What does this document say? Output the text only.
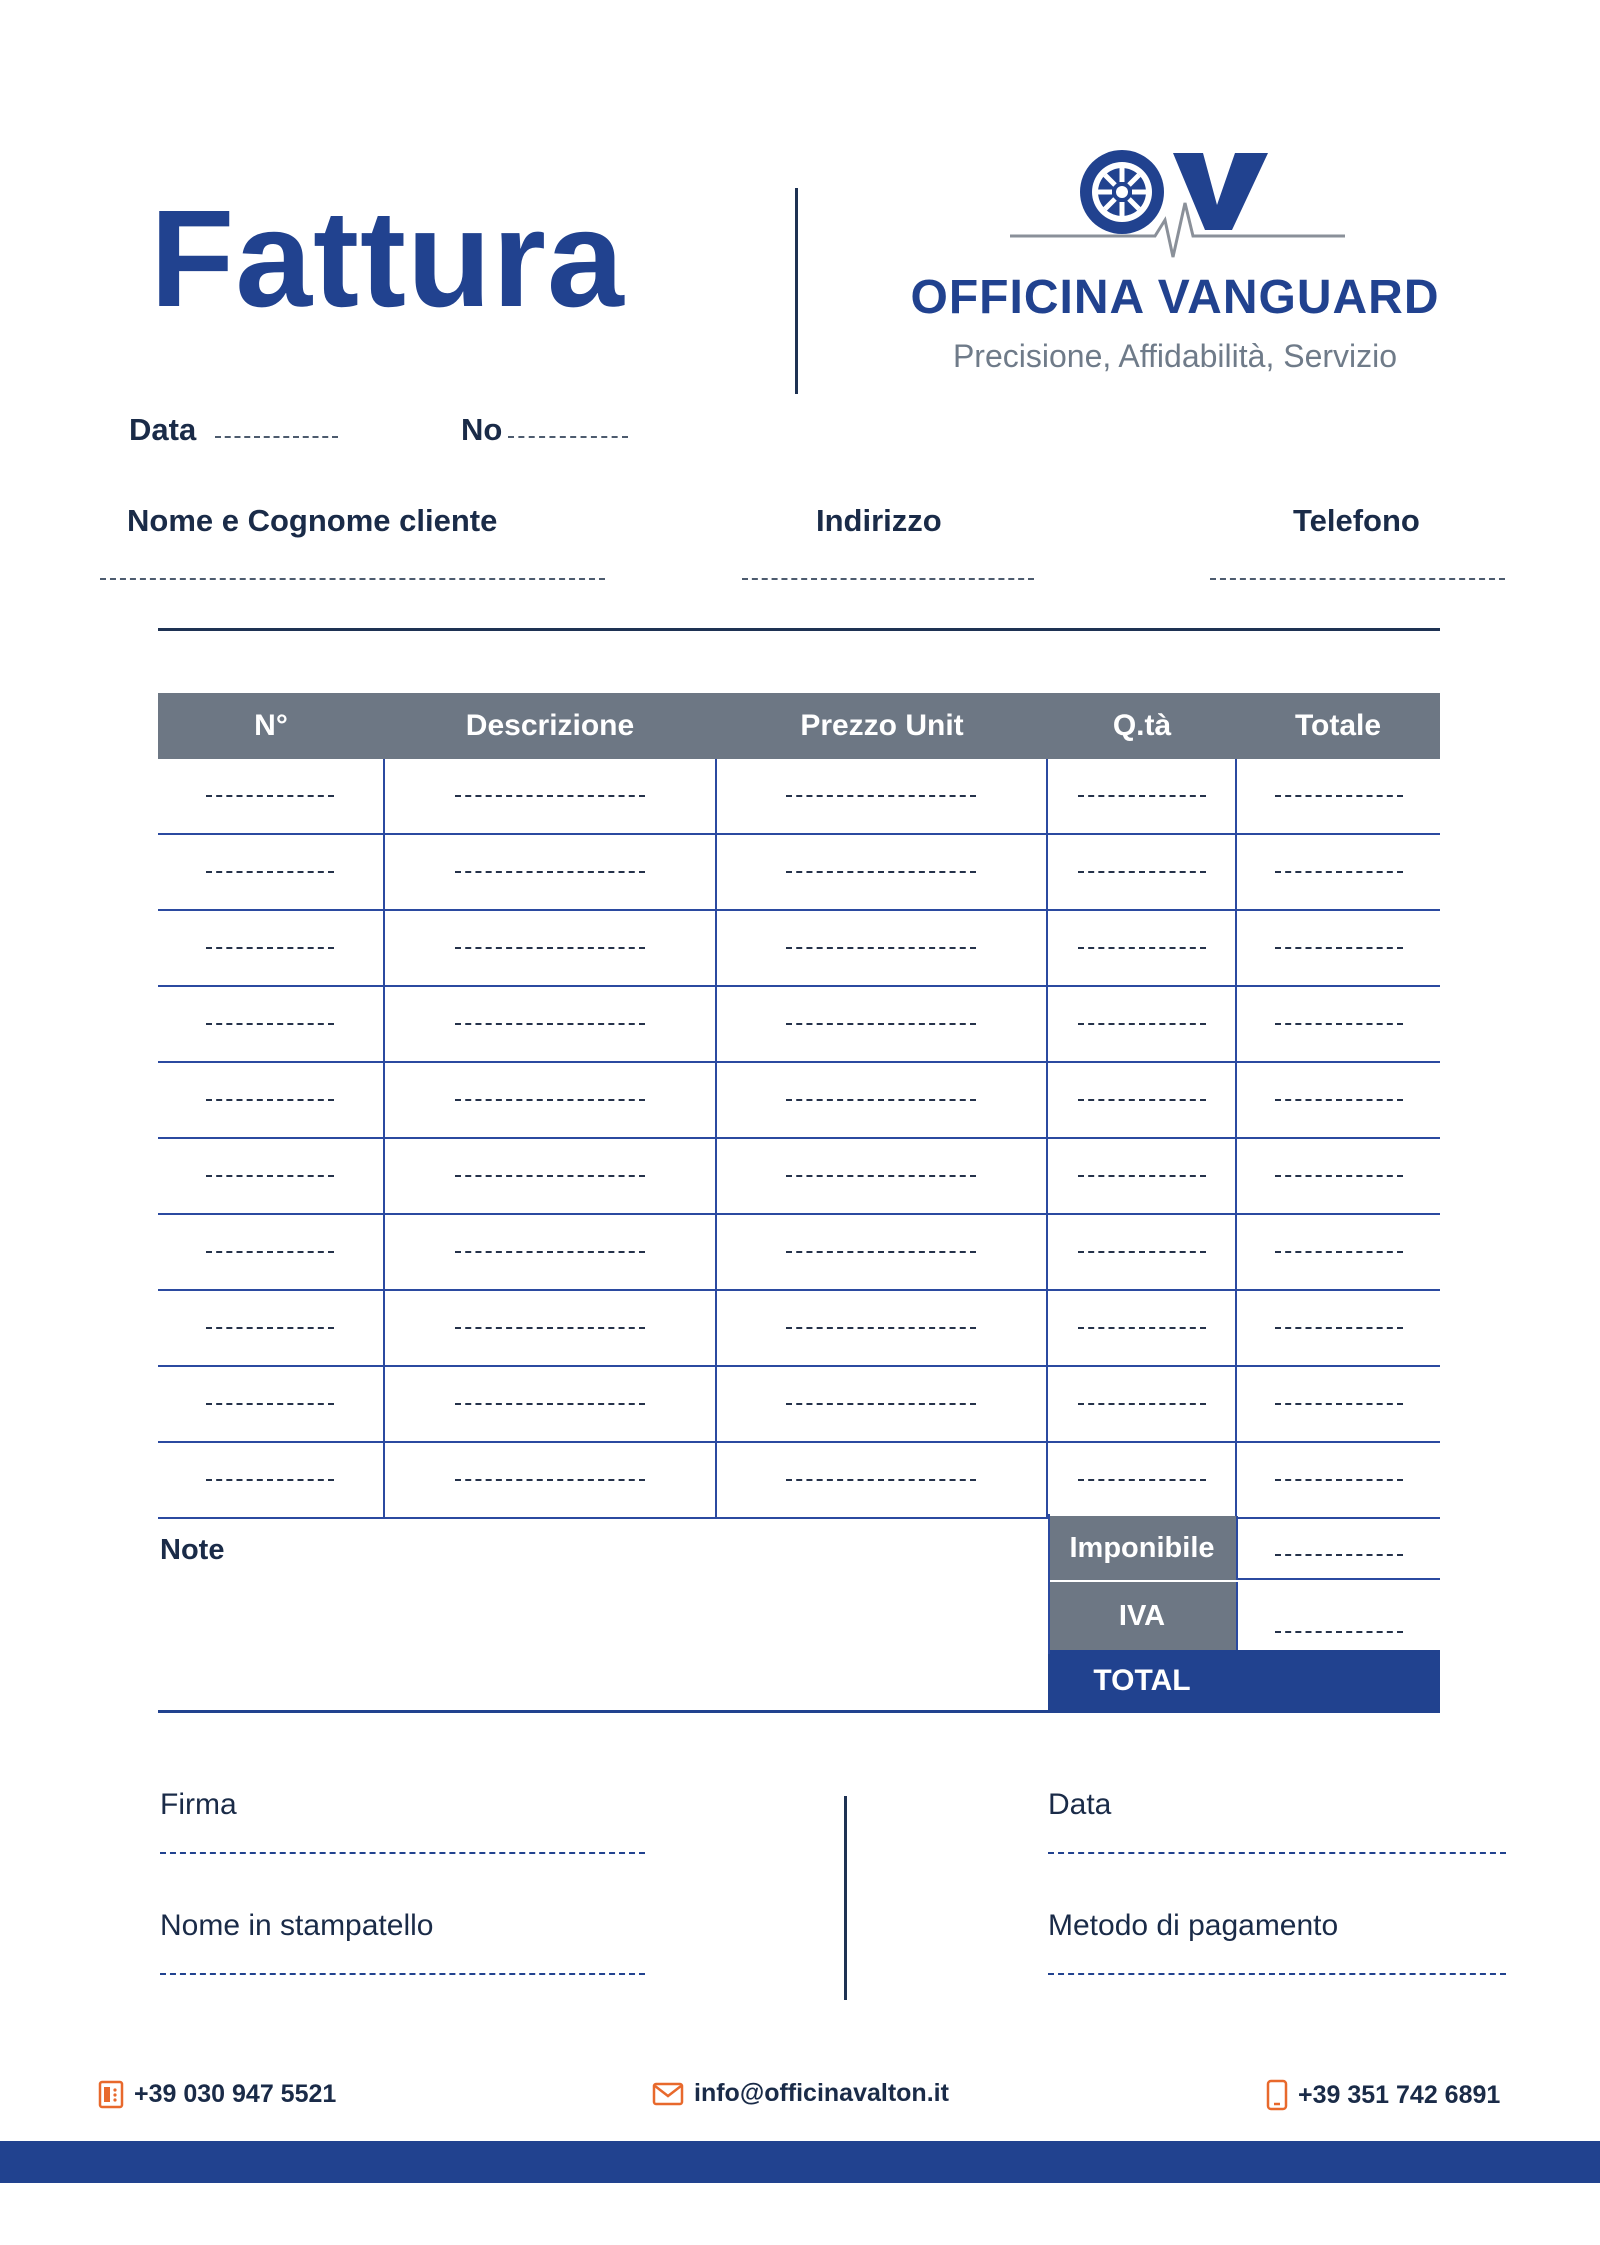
Fattura	OFFICINA VANGUARD
Precisione, Affidabilità, Servizio
Data	No
Nome e Cognome cliente	Indirizzo	Telefono
N°	Descrizione	Prezzo Unit	Q.tà	Totale
Note	Imponibile
IVA
TOTAL
Firma
Nome in stampatello
Data
Metodo di pagamento
+39 030 947 5521	info@officinavalton.it	+39 351 742 6891
